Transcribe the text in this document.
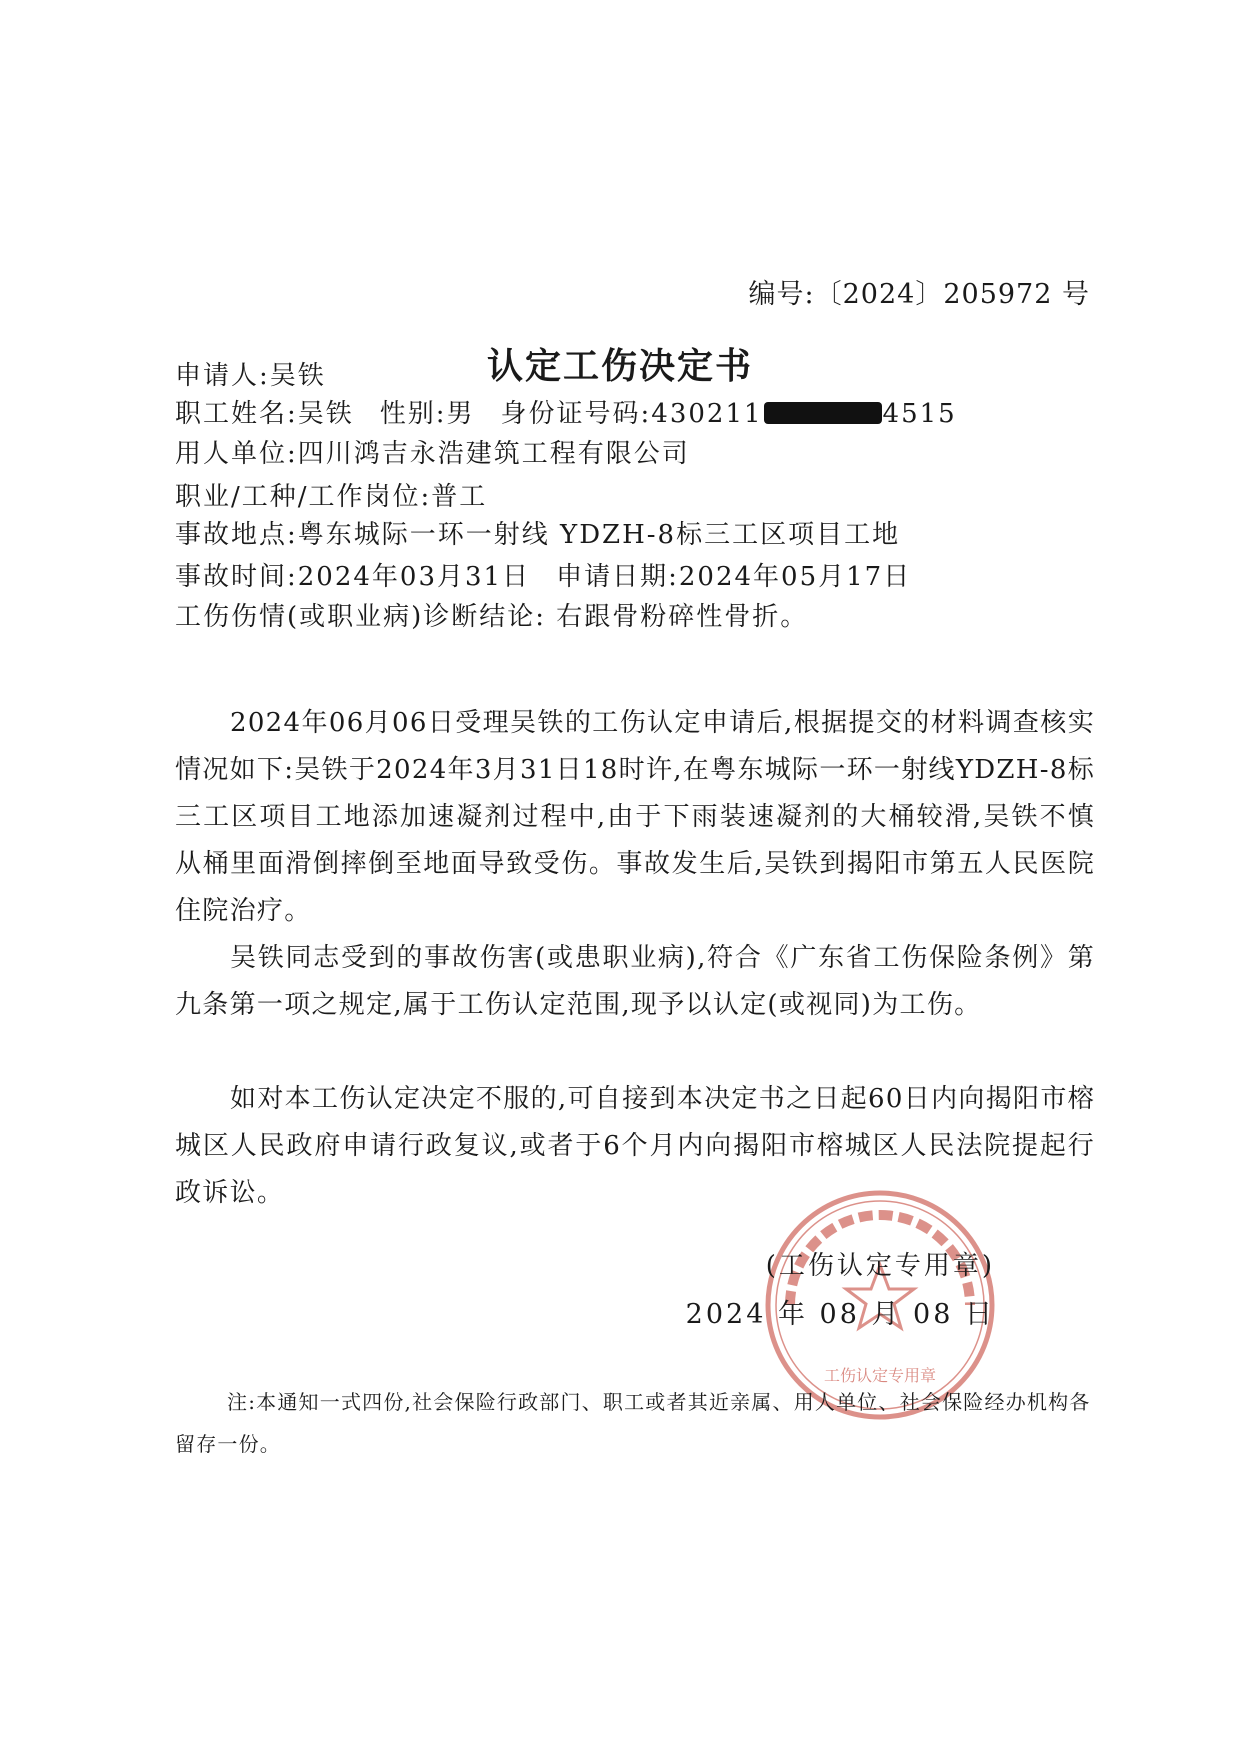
编号:〔2024〕205972 号
认定工伤决定书
申请人:吴铁
职工姓名:吴铁 性别:男 身份证号码:430211	4515
用人单位:四川鸿吉永浩建筑工程有限公司
职业/工种/工作岗位:普工
事故地点:粤东城际一环一射线 YDZH-8标三工区项目工地
事故时间:2024年03月31日 申请日期:2024年05月17日
工伤伤情(或职业病)诊断结论: 右跟骨粉碎性骨折。

2024年06月06日受理吴铁的工伤认定申请后,根据提交的材料调查核实情况如下:吴铁于2024年3月31日18时许,在粤东城际一环一射线YDZH-8标三工区项目工地添加速凝剂过程中,由于下雨装速凝剂的大桶较滑,吴铁不慎从桶里面滑倒摔倒至地面导致受伤。事故发生后,吴铁到揭阳市第五人民医院住院治疗。

吴铁同志受到的事故伤害(或患职业病),符合《广东省工伤保险条例》第九条第一项之规定,属于工伤认定范围,现予以认定(或视同)为工伤。

如对本工伤认定决定不服的,可自接到本决定书之日起60日内向揭阳市榕城区人民政府申请行政复议,或者于6个月内向揭阳市榕城区人民法院提起行政诉讼。

工伤认定专用章
(工伤认定专用章)
2024 年 08 月 08 日

注:本通知一式四份,社会保险行政部门、职工或者其近亲属、用人单位、社会保险经办机构各留存一份。
